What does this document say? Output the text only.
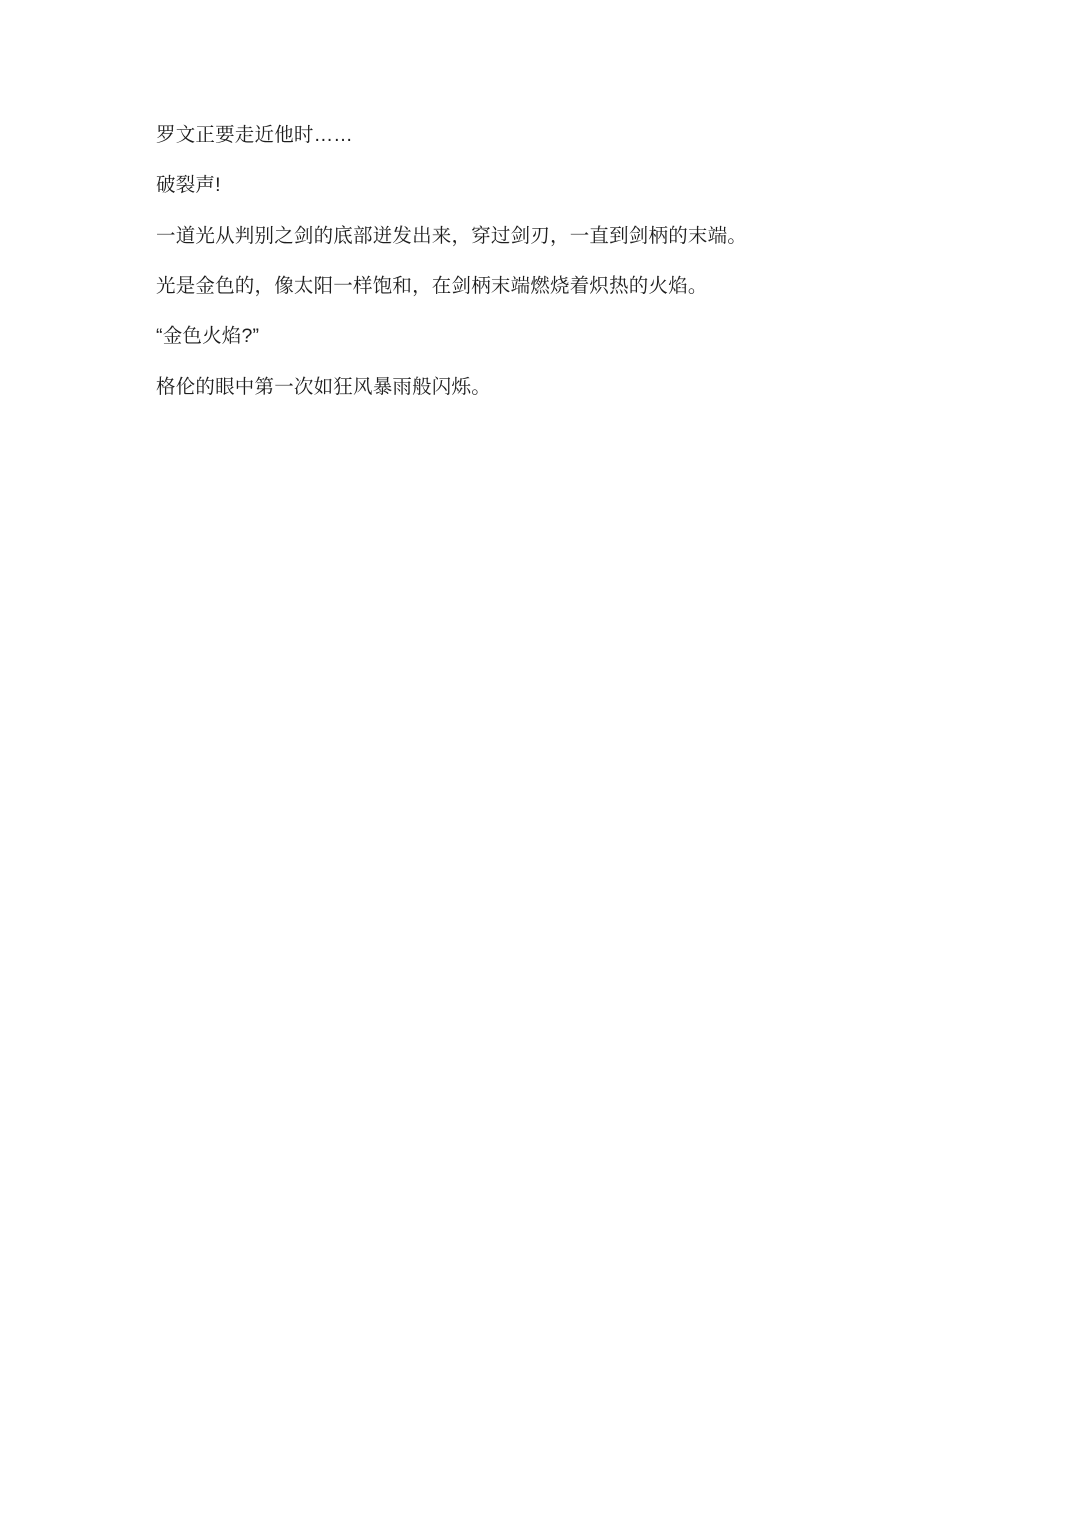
罗文正要走近他时……

破裂声!

一道光从判别之剑的底部迸发出来，穿过剑刃，一直到剑柄的末端。

光是金色的，像太阳一样饱和，在剑柄末端燃烧着炽热的火焰。

“金色火焰?”

格伦的眼中第一次如狂风暴雨般闪烁。
